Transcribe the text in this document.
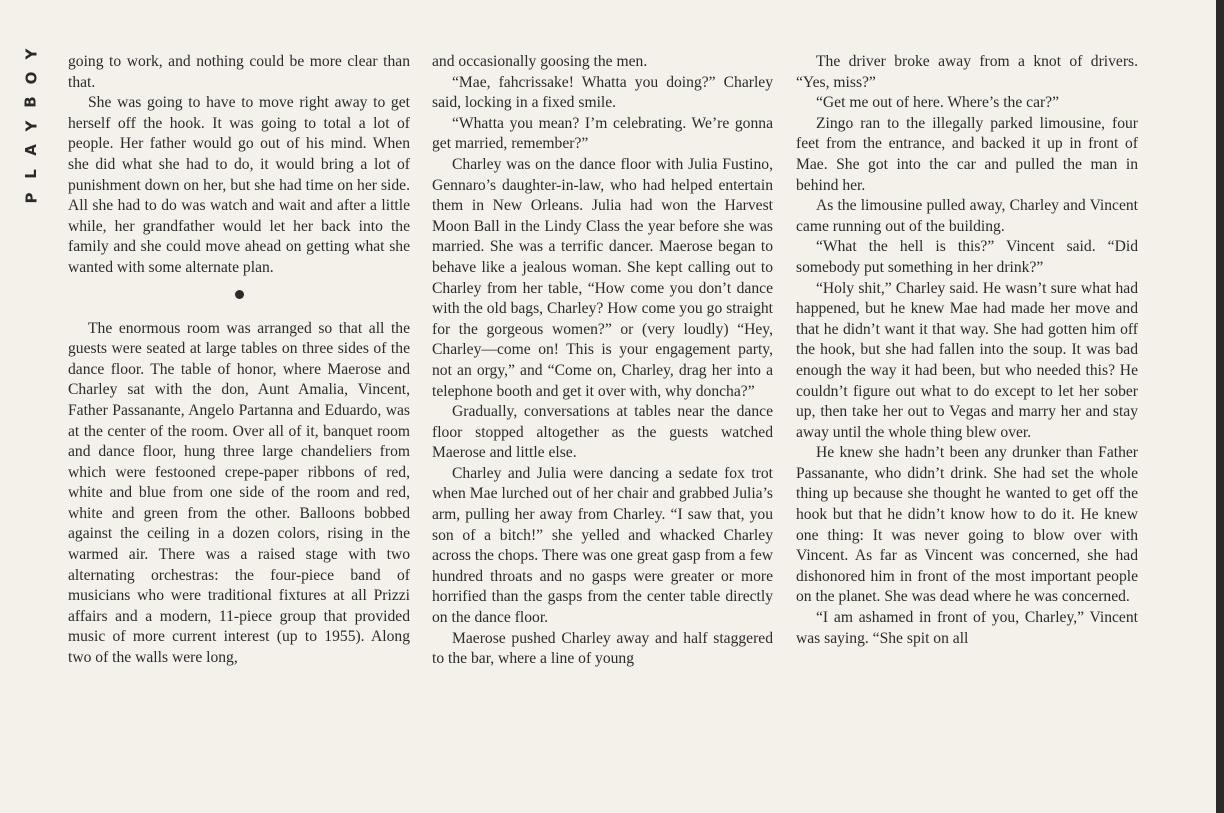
Y
O
B
Y
A
L
P

going to work, and nothing could be more clear than that.

She was going to have to move right away to get herself off the hook. It was going to total a lot of people. Her father would go out of his mind. When she did what she had to do, it would bring a lot of punishment down on her, but she had time on her side. All she had to do was watch and wait and after a little while, her grandfather would let her back into the family and she could move ahead on getting what she wanted with some alternate plan.

The enormous room was arranged so that all the guests were seated at large tables on three sides of the dance floor. The table of honor, where Maerose and Charley sat with the don, Aunt Amalia, Vincent, Father Passanante, Angelo Partanna and Eduardo, was at the center of the room. Over all of it, banquet room and dance floor, hung three large chandeliers from which were festooned crepe-paper ribbons of red, white and blue from one side of the room and red, white and green from the other. Balloons bobbed against the ceiling in a dozen colors, rising in the warmed air. There was a raised stage with two alternating orchestras: the four-piece band of musicians who were traditional fixtures at all Prizzi affairs and a modern, 11-piece group that provided music of more current interest (up to 1955). Along two of the walls were long,

and occasionally goosing the men.

“Mae, fahcrissake! Whatta you doing?” Charley said, locking in a fixed smile.

“Whatta you mean? I’m celebrating. We’re gonna get married, remember?”

Charley was on the dance floor with Julia Fustino, Gennaro’s daughter-in-law, who had helped entertain them in New Orleans. Julia had won the Harvest Moon Ball in the Lindy Class the year before she was married. She was a terrific dancer. Maerose began to behave like a jealous woman. She kept calling out to Charley from her table, “How come you don’t dance with the old bags, Charley? How come you go straight for the gorgeous women?” or (very loudly) “Hey, Charley—come on! This is your engagement party, not an orgy,” and “Come on, Charley, drag her into a telephone booth and get it over with, why doncha?”

Gradually, conversations at tables near the dance floor stopped altogether as the guests watched Maerose and little else.

Charley and Julia were dancing a sedate fox trot when Mae lurched out of her chair and grabbed Julia’s arm, pulling her away from Charley. “I saw that, you son of a bitch!” she yelled and whacked Charley across the chops. There was one great gasp from a few hundred throats and no gasps were greater or more horrified than the gasps from the center table directly on the dance floor.

Maerose pushed Charley away and half staggered to the bar, where a line of young

The driver broke away from a knot of drivers. “Yes, miss?”

“Get me out of here. Where’s the car?”

Zingo ran to the illegally parked limousine, four feet from the entrance, and backed it up in front of Mae. She got into the car and pulled the man in behind her.

As the limousine pulled away, Charley and Vincent came running out of the building.

“What the hell is this?” Vincent said. “Did somebody put something in her drink?”

“Holy shit,” Charley said. He wasn’t sure what had happened, but he knew Mae had made her move and that he didn’t want it that way. She had gotten him off the hook, but she had fallen into the soup. It was bad enough the way it had been, but who needed this? He couldn’t figure out what to do except to let her sober up, then take her out to Vegas and marry her and stay away until the whole thing blew over.

He knew she hadn’t been any drunker than Father Passanante, who didn’t drink. She had set the whole thing up because she thought he wanted to get off the hook but that he didn’t know how to do it. He knew one thing: It was never going to blow over with Vincent. As far as Vincent was concerned, she had dishonored him in front of the most important people on the planet. She was dead where he was concerned.

“I am ashamed in front of you, Charley,” Vincent was saying. “She spit on all
